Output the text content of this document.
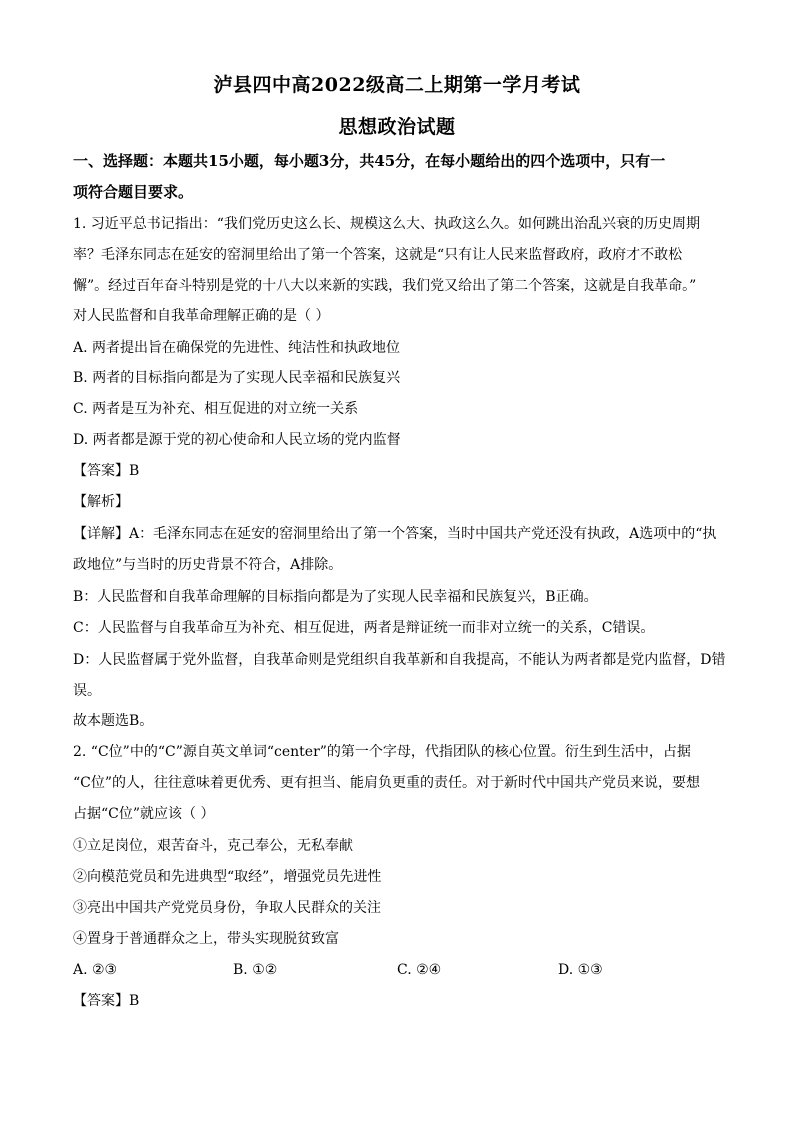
泸县四中高2022级高二上期第一学月考试
思想政治试题
一、选择题：本题共15小题，每小题3分，共45分，在每小题给出的四个选项中，只有一
项符合题目要求。
1. 习近平总书记指出：“我们党历史这么长、规模这么大、执政这么久。如何跳出治乱兴衰的历史周期
率？毛泽东同志在延安的窑洞里给出了第一个答案，这就是“只有让人民来监督政府，政府才不敢松
懈”。经过百年奋斗特别是党的十八大以来新的实践，我们党又给出了第二个答案，这就是自我革命。”
对人民监督和自我革命理解正确的是（ ）
A. 两者提出旨在确保党的先进性、纯洁性和执政地位
B. 两者的目标指向都是为了实现人民幸福和民族复兴
C. 两者是互为补充、相互促进的对立统一关系
D. 两者都是源于党的初心使命和人民立场的党内监督
【答案】B
【解析】
【详解】A：毛泽东同志在延安的窑洞里给出了第一个答案，当时中国共产党还没有执政，A选项中的“执
政地位”与当时的历史背景不符合，A排除。
B：人民监督和自我革命理解的目标指向都是为了实现人民幸福和民族复兴，B正确。
C：人民监督与自我革命互为补充、相互促进，两者是辩证统一而非对立统一的关系，C错误。
D：人民监督属于党外监督，自我革命则是党组织自我革新和自我提高，不能认为两者都是党内监督，D错
误。
故本题选B。
2. “C位”中的“C”源自英文单词“center”的第一个字母，代指团队的核心位置。衍生到生活中，占据
“C位”的人，往往意味着更优秀、更有担当、能肩负更重的责任。对于新时代中国共产党员来说，要想
占据“C位”就应该（ ）
①立足岗位，艰苦奋斗，克己奉公，无私奉献
②向模范党员和先进典型“取经”，增强党员先进性
③亮出中国共产党党员身份，争取人民群众的关注
④置身于普通群众之上，带头实现脱贫致富
A. ②③	B. ①②	C. ②④	D. ①③
【答案】B
